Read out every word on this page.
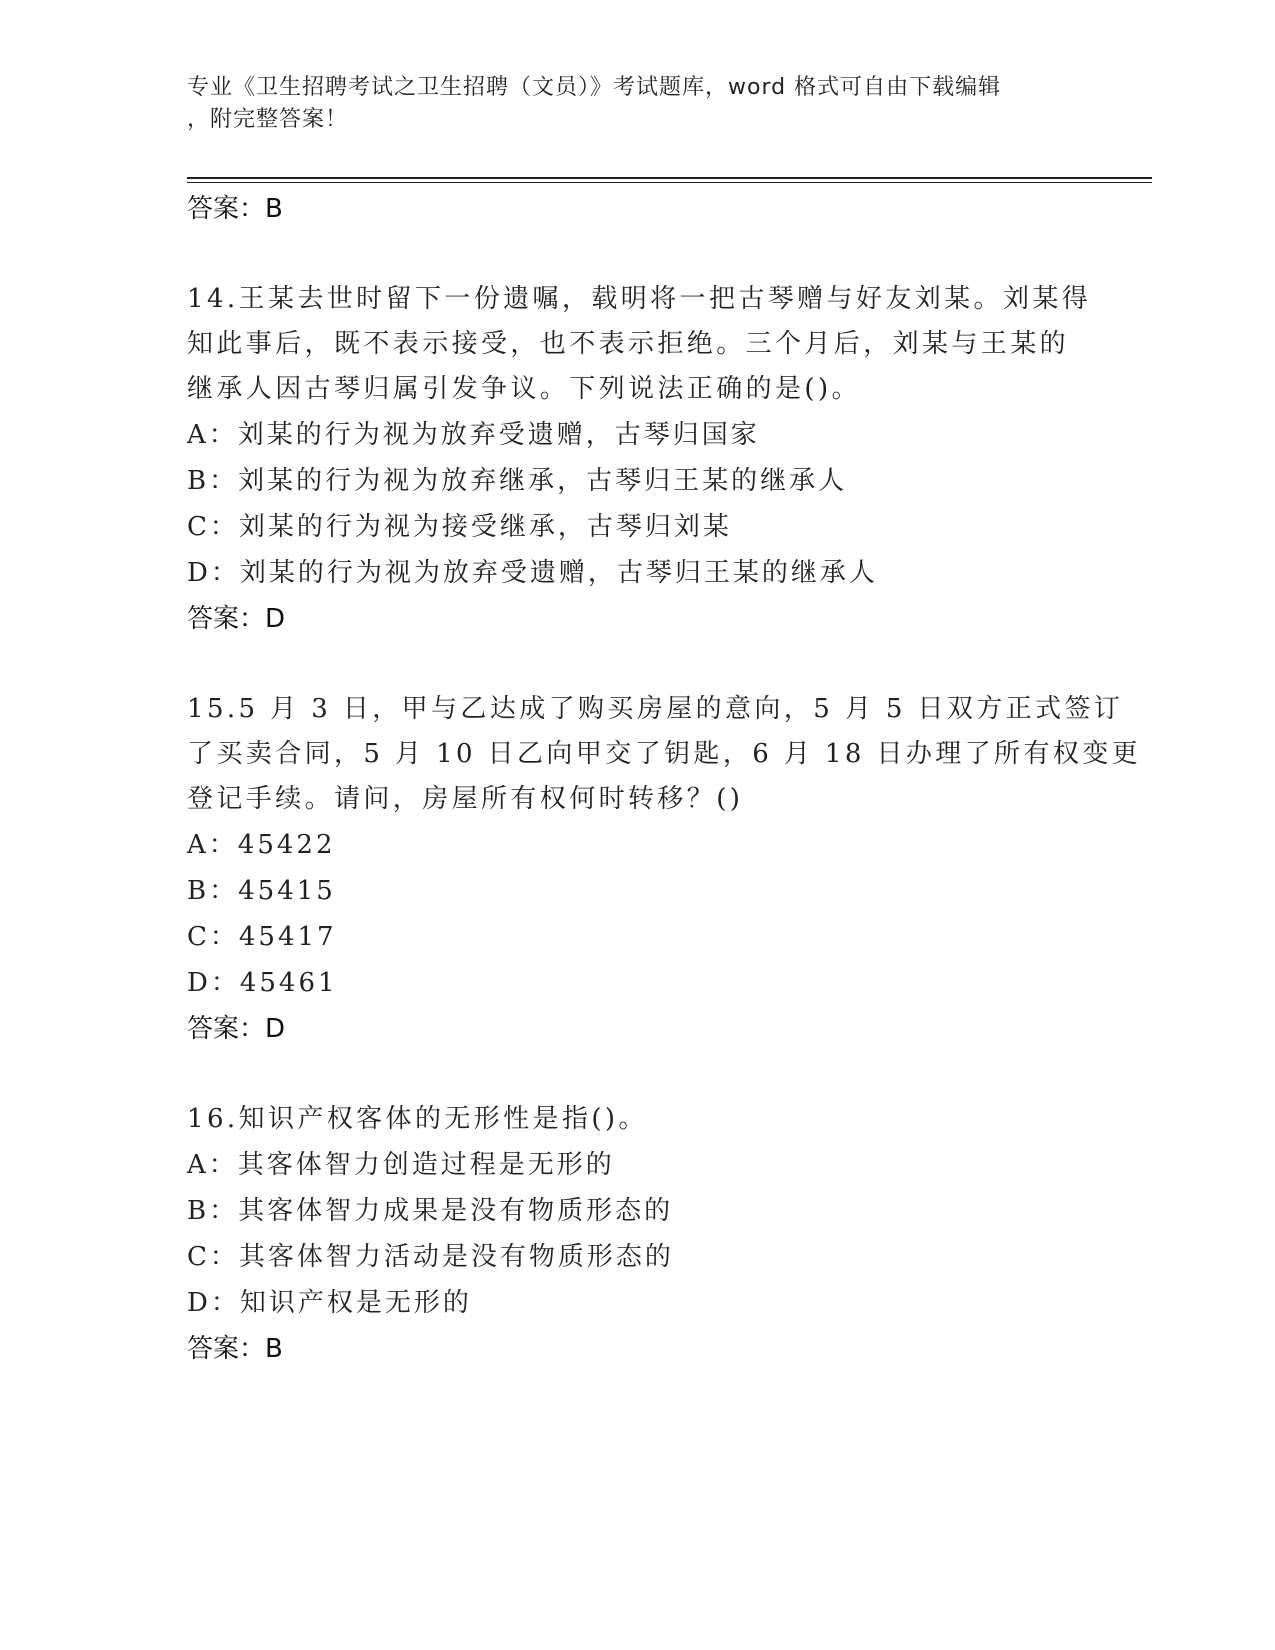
专业《卫生招聘考试之卫生招聘（文员）》考试题库，word 格式可自由下载编辑
，附完整答案！
答案：B
14.王某去世时留下一份遗嘱，载明将一把古琴赠与好友刘某。刘某得
知此事后，既不表示接受，也不表示拒绝。三个月后，刘某与王某的
继承人因古琴归属引发争议。下列说法正确的是()。
A：刘某的行为视为放弃受遗赠，古琴归国家
B：刘某的行为视为放弃继承，古琴归王某的继承人
C：刘某的行为视为接受继承，古琴归刘某
D：刘某的行为视为放弃受遗赠，古琴归王某的继承人
答案：D
15.5 月 3 日，甲与乙达成了购买房屋的意向，5 月 5 日双方正式签订
了买卖合同，5 月 10 日乙向甲交了钥匙，6 月 18 日办理了所有权变更
登记手续。请问，房屋所有权何时转移？()
A：45422
B：45415
C：45417
D：45461
答案：D
16.知识产权客体的无形性是指()。
A：其客体智力创造过程是无形的
B：其客体智力成果是没有物质形态的
C：其客体智力活动是没有物质形态的
D：知识产权是无形的
答案：B
